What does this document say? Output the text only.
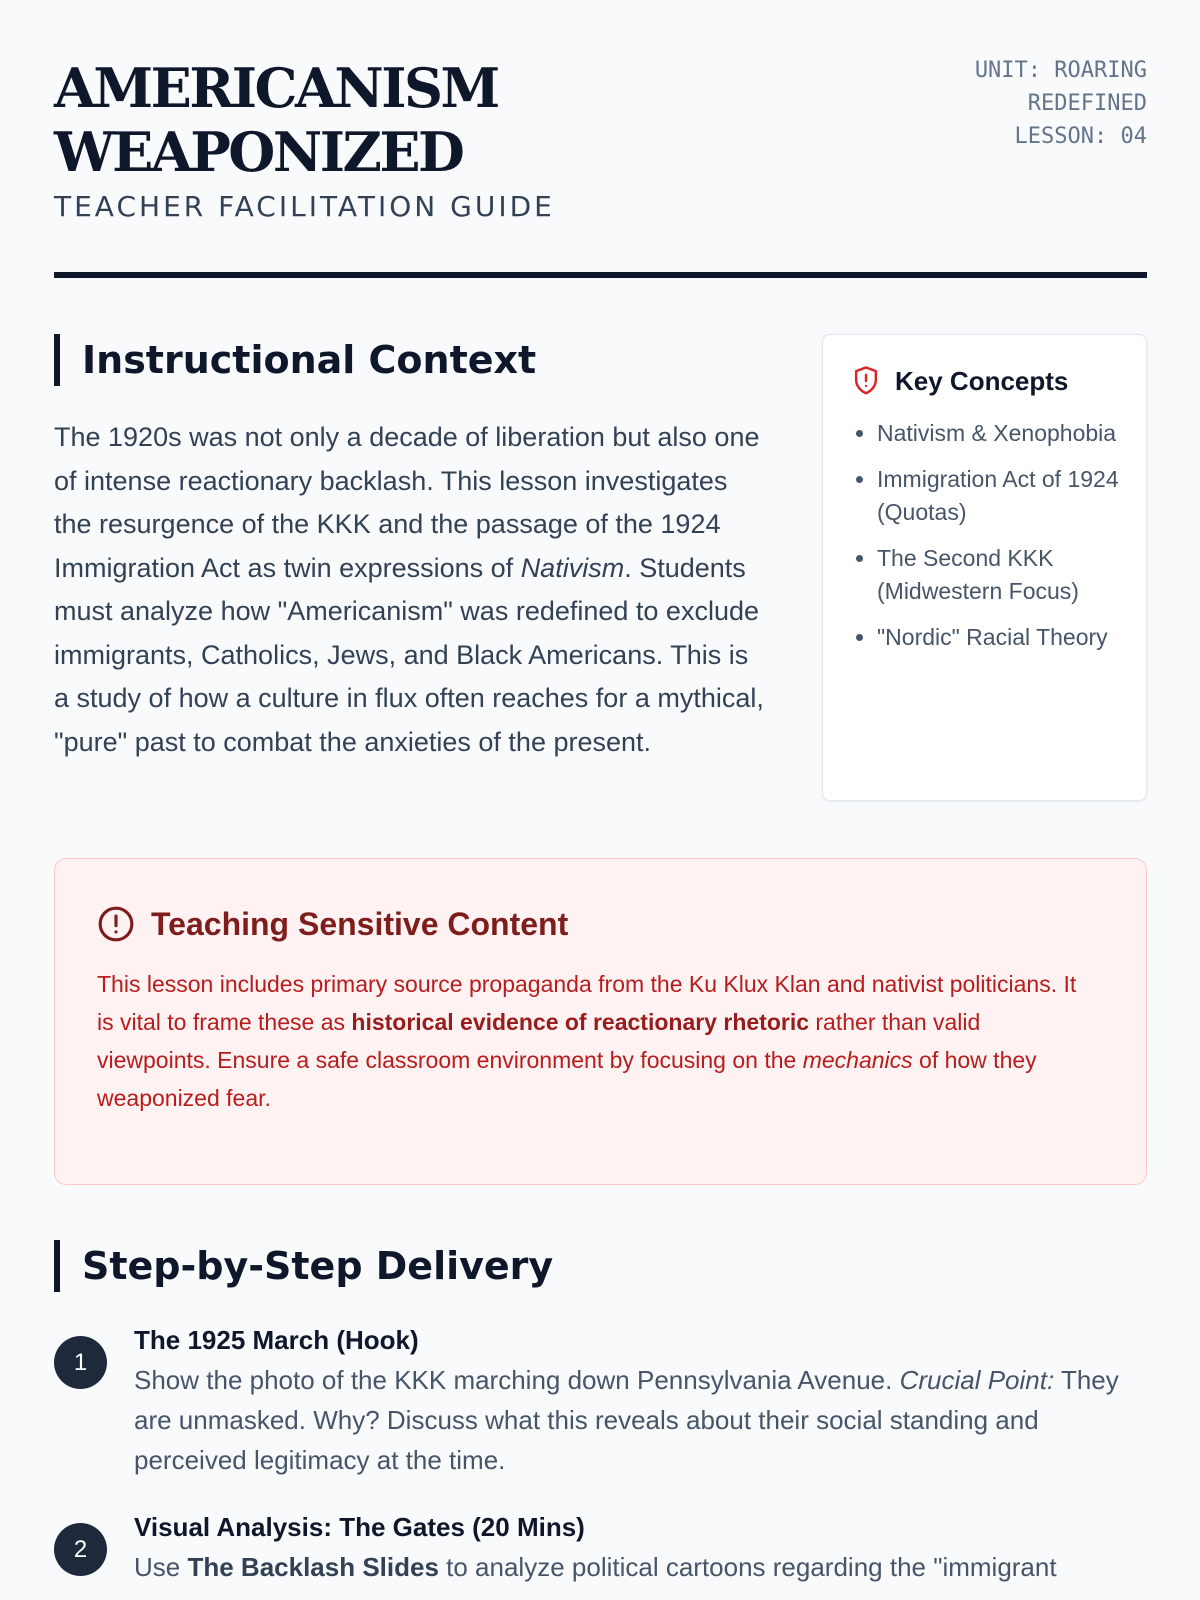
AMERICANISM
WEAPONIZED
TEACHER FACILITATION GUIDE
UNIT: ROARING
REDEFINED
LESSON: 04
Instructional Context

The 1920s was not only a decade of liberation but also one of intense reactionary backlash. This lesson investigates the resurgence of the KKK and the passage of the 1924 Immigration Act as twin expressions of Nativism. Students must analyze how "Americanism" was redefined to exclude immigrants, Catholics, Jews, and Black Americans. This is a study of how a culture in flux often reaches for a mythical, "pure" past to combat the anxieties of the present.

Key Concepts
• Nativism & Xenophobia
• Immigration Act of 1924 (Quotas)
• The Second KKK (Midwestern Focus)
• "Nordic" Racial Theory
Teaching Sensitive Content

This lesson includes primary source propaganda from the Ku Klux Klan and nativist politicians. It is vital to frame these as historical evidence of reactionary rhetoric rather than valid viewpoints. Ensure a safe classroom environment by focusing on the mechanics of how they weaponized fear.

Step-by-Step Delivery
1
The 1925 March (Hook)

Show the photo of the KKK marching down Pennsylvania Avenue. Crucial Point: They are unmasked. Why? Discuss what this reveals about their social standing and perceived legitimacy at the time.

2
Visual Analysis: The Gates (20 Mins)

Use The Backlash Slides to analyze political cartoons regarding the "immigrant
